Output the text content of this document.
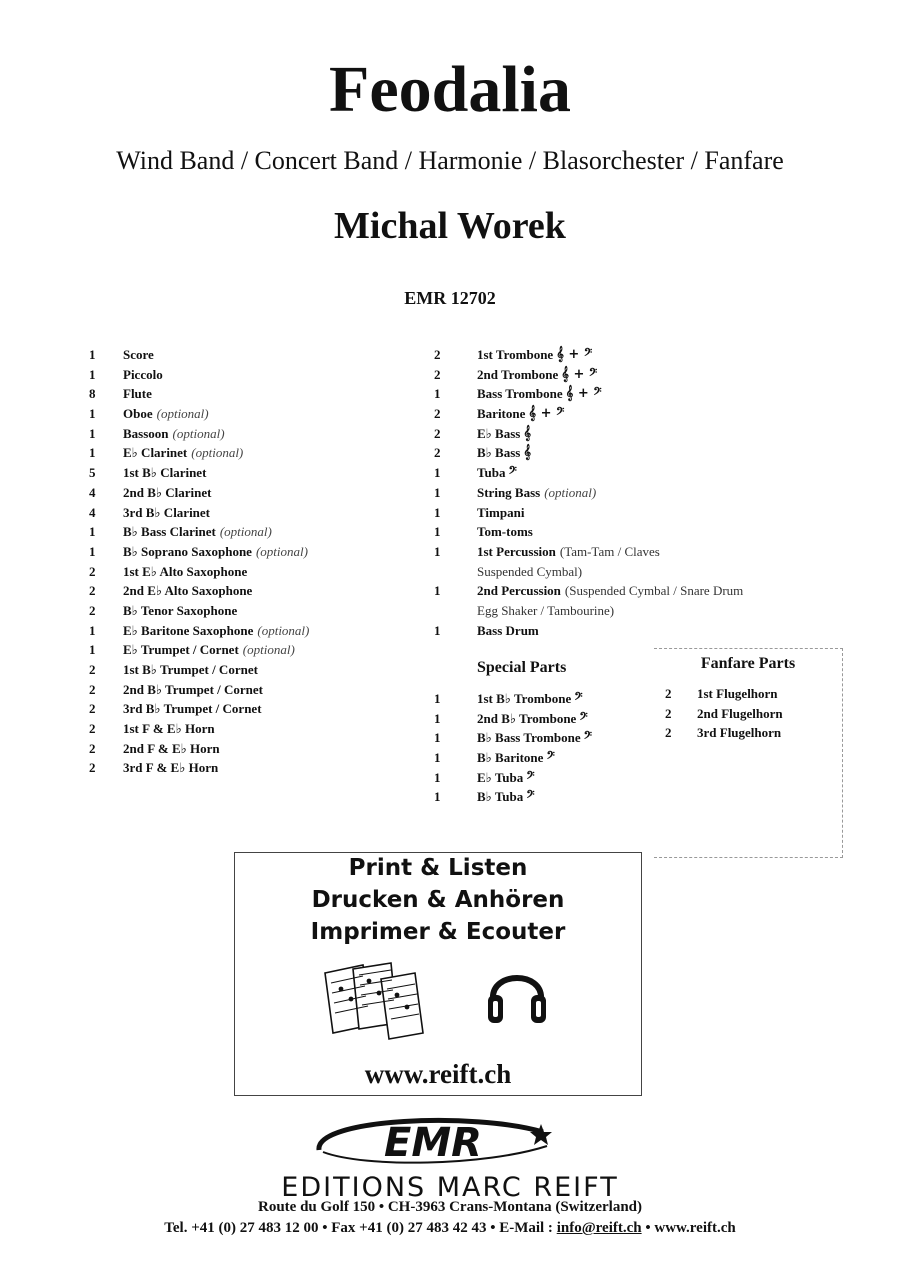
Feodalia
Wind Band / Concert Band / Harmonie / Blasorchester / Fanfare
Michal Worek
EMR 12702
1	Score
1	Piccolo
8	Flute
1	Oboe (optional)
1	Bassoon (optional)
1	E♭ Clarinet (optional)
5	1st B♭ Clarinet
4	2nd B♭ Clarinet
4	3rd B♭ Clarinet
1	B♭ Bass Clarinet (optional)
1	B♭ Soprano Saxophone (optional)
2	1st E♭ Alto Saxophone
2	2nd E♭ Alto Saxophone
2	B♭ Tenor Saxophone
1	E♭ Baritone Saxophone (optional)
1	E♭ Trumpet / Cornet (optional)
2	1st B♭ Trumpet / Cornet
2	2nd B♭ Trumpet / Cornet
2	3rd B♭ Trumpet / Cornet
2	1st F & E♭ Horn
2	2nd F & E♭ Horn
2	3rd F & E♭ Horn
2	1st Trombone 𝄞 + 𝄢
2	2nd Trombone 𝄞 + 𝄢
1	Bass Trombone 𝄞 + 𝄢
2	Baritone 𝄞 + 𝄢
2	E♭ Bass 𝄞
2	B♭ Bass 𝄞
1	Tuba 𝄢
1	String Bass (optional)
1	Timpani
1	Tom-toms
1	1st Percussion (Tam-Tam / Claves
Suspended Cymbal)
1	2nd Percussion (Suspended Cymbal / Snare Drum
Egg Shaker / Tambourine)
1	Bass Drum
Special Parts
1	1st B♭ Trombone 𝄢
1	2nd B♭ Trombone 𝄢
1	B♭ Bass Trombone 𝄢
1	B♭ Baritone 𝄢
1	E♭ Tuba 𝄢
1	B♭ Tuba 𝄢
Fanfare Parts
2	1st Flugelhorn
2	2nd Flugelhorn
2	3rd Flugelhorn
Print & Listen
Drucken & Anhören
Imprimer & Ecouter
www.reift.ch
EMR
EDITIONS MARC REIFT
Route du Golf 150 • CH-3963 Crans-Montana (Switzerland)
Tel. +41 (0) 27 483 12 00 • Fax +41 (0) 27 483 42 43 • E-Mail : info@reift.ch • www.reift.ch
